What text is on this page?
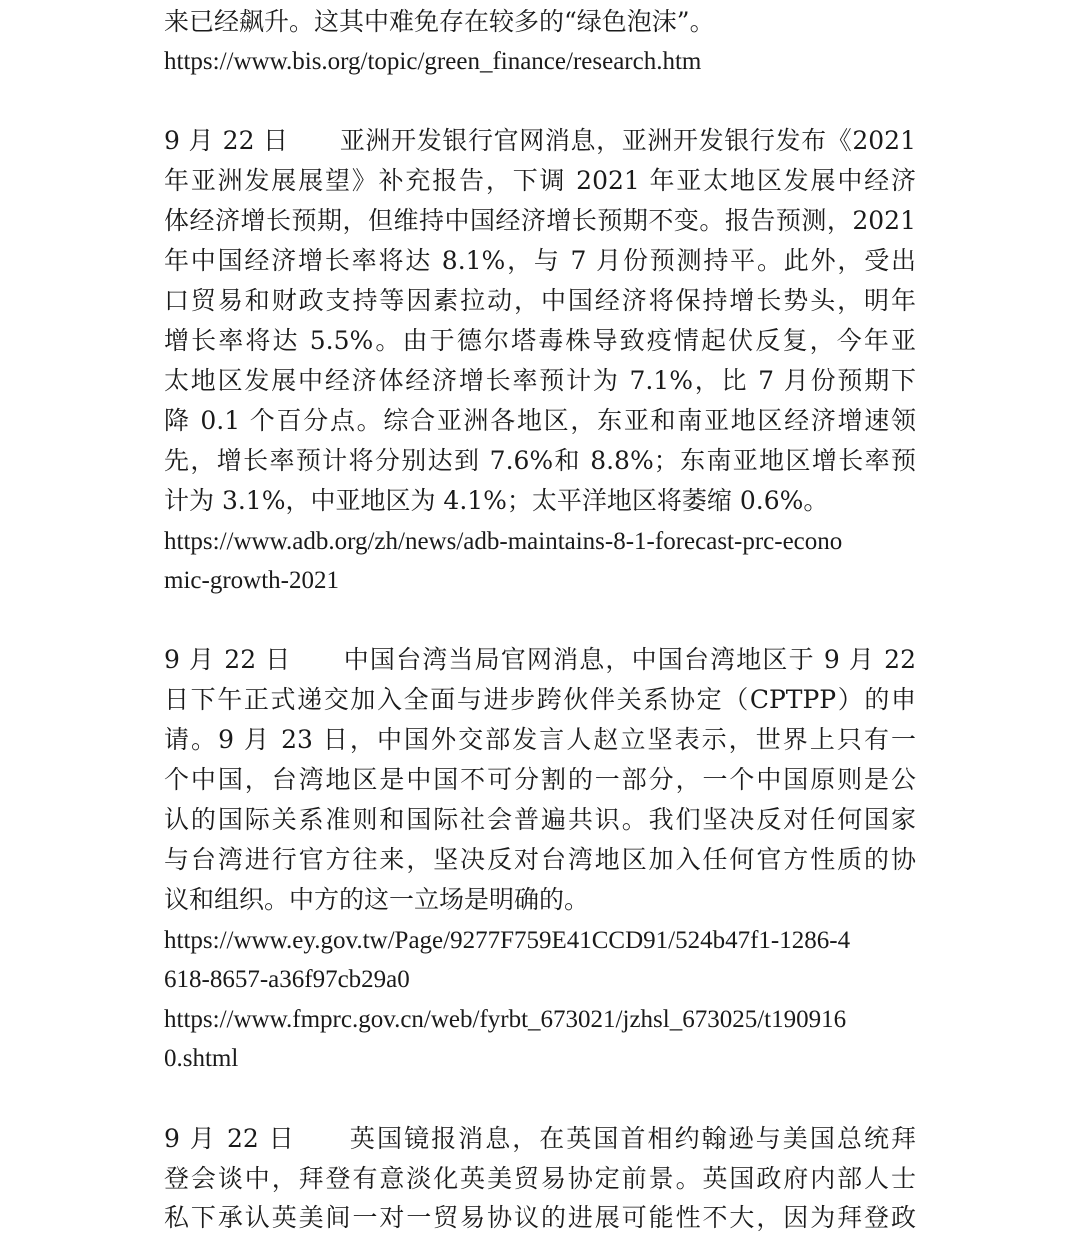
来已经飙升。这其中难免存在较多的“绿色泡沫”。
https://www.bis.org/topic/green_finance/research.htm
9 月 22 日　　亚洲开发银行官网消息，亚洲开发银行发布《2021
年亚洲发展展望》补充报告，下调 2021 年亚太地区发展中经济
体经济增长预期，但维持中国经济增长预期不变。报告预测，2021
年中国经济增长率将达 8.1%，与 7 月份预测持平。此外，受出
口贸易和财政支持等因素拉动，中国经济将保持增长势头，明年
增长率将达 5.5%。由于德尔塔毒株导致疫情起伏反复，今年亚
太地区发展中经济体经济增长率预计为 7.1%，比 7 月份预期下
降 0.1 个百分点。综合亚洲各地区，东亚和南亚地区经济增速领
先，增长率预计将分别达到 7.6%和 8.8%；东南亚地区增长率预
计为 3.1%，中亚地区为 4.1%；太平洋地区将萎缩 0.6%。
https://www.adb.org/zh/news/adb-maintains-8-1-forecast-prc-econo
mic-growth-2021
9 月 22 日　　中国台湾当局官网消息，中国台湾地区于 9 月 22
日下午正式递交加入全面与进步跨伙伴关系协定（CPTPP）的申
请。9 月 23 日，中国外交部发言人赵立坚表示，世界上只有一
个中国，台湾地区是中国不可分割的一部分，一个中国原则是公
认的国际关系准则和国际社会普遍共识。我们坚决反对任何国家
与台湾进行官方往来，坚决反对台湾地区加入任何官方性质的协
议和组织。中方的这一立场是明确的。
https://www.ey.gov.tw/Page/9277F759E41CCD91/524b47f1-1286-4
618-8657-a36f97cb29a0
https://www.fmprc.gov.cn/web/fyrbt_673021/jzhsl_673025/t190916
0.shtml
9 月 22 日　　英国镜报消息，在英国首相约翰逊与美国总统拜
登会谈中，拜登有意淡化英美贸易协定前景。英国政府内部人士
私下承认英美间一对一贸易协议的进展可能性不大，因为拜登政
